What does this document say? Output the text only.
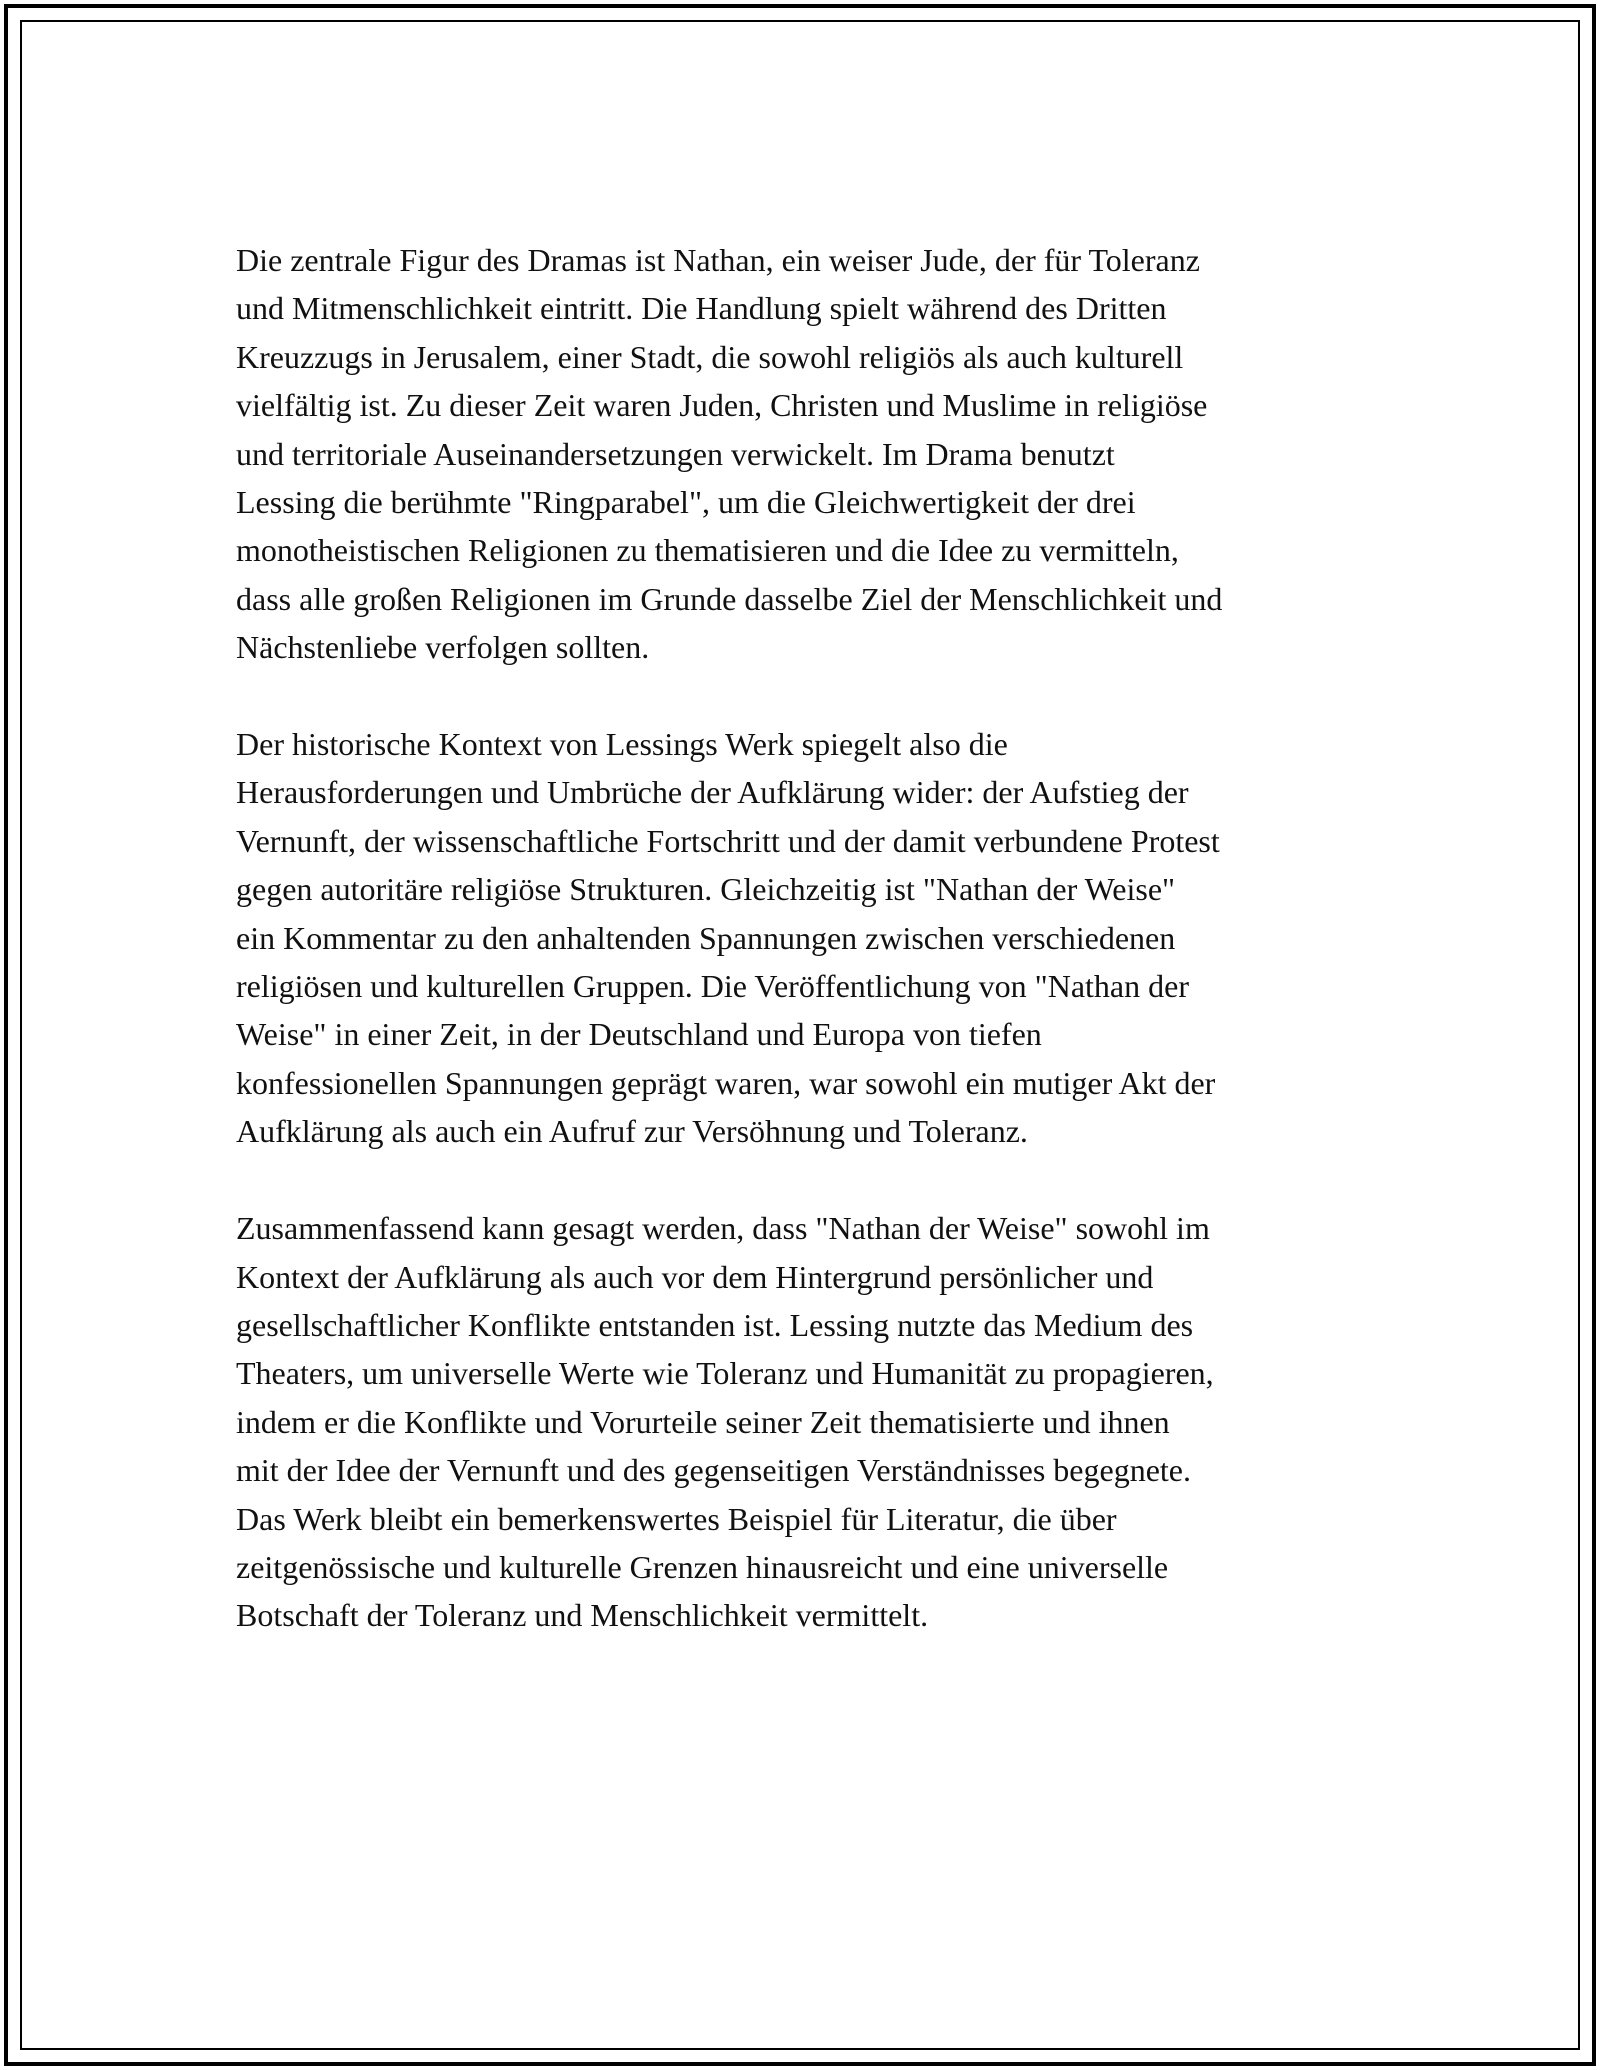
Die zentrale Figur des Dramas ist Nathan, ein weiser Jude, der für Toleranz
und Mitmenschlichkeit eintritt. Die Handlung spielt während des Dritten
Kreuzzugs in Jerusalem, einer Stadt, die sowohl religiös als auch kulturell
vielfältig ist. Zu dieser Zeit waren Juden, Christen und Muslime in religiöse
und territoriale Auseinandersetzungen verwickelt. Im Drama benutzt
Lessing die berühmte "Ringparabel", um die Gleichwertigkeit der drei
monotheistischen Religionen zu thematisieren und die Idee zu vermitteln,
dass alle großen Religionen im Grunde dasselbe Ziel der Menschlichkeit und
Nächstenliebe verfolgen sollten.

Der historische Kontext von Lessings Werk spiegelt also die
Herausforderungen und Umbrüche der Aufklärung wider: der Aufstieg der
Vernunft, der wissenschaftliche Fortschritt und der damit verbundene Protest
gegen autoritäre religiöse Strukturen. Gleichzeitig ist "Nathan der Weise"
ein Kommentar zu den anhaltenden Spannungen zwischen verschiedenen
religiösen und kulturellen Gruppen. Die Veröffentlichung von "Nathan der
Weise" in einer Zeit, in der Deutschland und Europa von tiefen
konfessionellen Spannungen geprägt waren, war sowohl ein mutiger Akt der
Aufklärung als auch ein Aufruf zur Versöhnung und Toleranz.

Zusammenfassend kann gesagt werden, dass "Nathan der Weise" sowohl im
Kontext der Aufklärung als auch vor dem Hintergrund persönlicher und
gesellschaftlicher Konflikte entstanden ist. Lessing nutzte das Medium des
Theaters, um universelle Werte wie Toleranz und Humanität zu propagieren,
indem er die Konflikte und Vorurteile seiner Zeit thematisierte und ihnen
mit der Idee der Vernunft und des gegenseitigen Verständnisses begegnete.
Das Werk bleibt ein bemerkenswertes Beispiel für Literatur, die über
zeitgenössische und kulturelle Grenzen hinausreicht und eine universelle
Botschaft der Toleranz und Menschlichkeit vermittelt.
